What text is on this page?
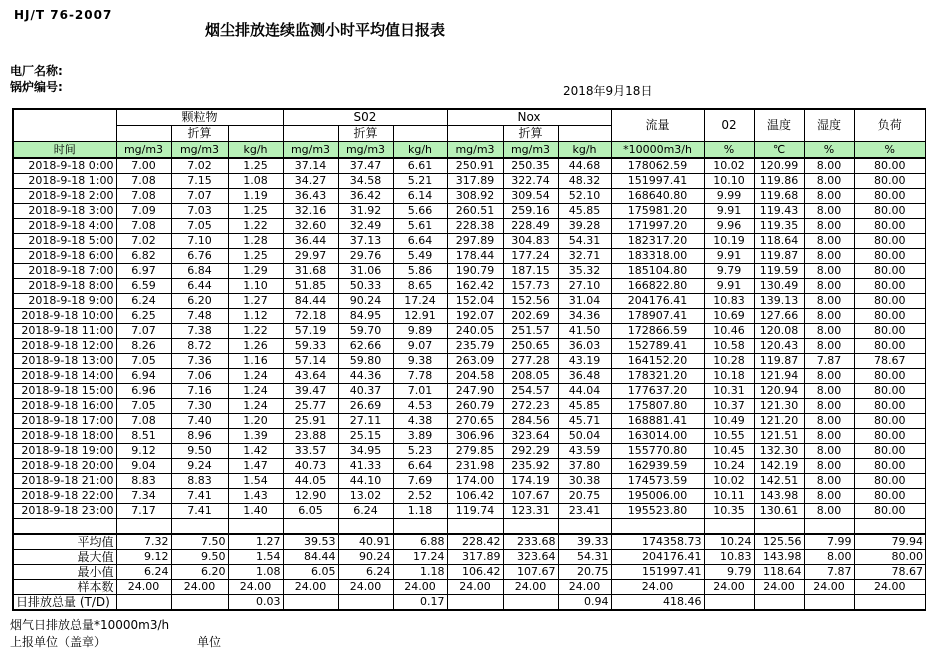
HJ/T 76-2007
烟尘排放连续监测小时平均值日报表
电厂名称:
锅炉编号:	2018年9月18日
	颗粒物			S02			Nox			流量	02	温度	湿度	负荷
		折算			折算			折算						
时间	mg/m3	mg/m3	kg/h	mg/m3	mg/m3	kg/h	mg/m3	mg/m3	kg/h	*10000m3/h	%	℃	%	%
2018-9-18 0:00	7.00	7.02	1.25	37.14	37.47	6.61	250.91	250.35	44.68	178062.59	10.02	120.99	8.00	80.00
2018-9-18 1:00	7.08	7.15	1.08	34.27	34.58	5.21	317.89	322.74	48.32	151997.41	10.10	119.86	8.00	80.00
2018-9-18 2:00	7.08	7.07	1.19	36.43	36.42	6.14	308.92	309.54	52.10	168640.80	9.99	119.68	8.00	80.00
2018-9-18 3:00	7.09	7.03	1.25	32.16	31.92	5.66	260.51	259.16	45.85	175981.20	9.91	119.43	8.00	80.00
2018-9-18 4:00	7.08	7.05	1.22	32.60	32.49	5.61	228.38	228.49	39.28	171997.20	9.96	119.35	8.00	80.00
2018-9-18 5:00	7.02	7.10	1.28	36.44	37.13	6.64	297.89	304.83	54.31	182317.20	10.19	118.64	8.00	80.00
2018-9-18 6:00	6.82	6.76	1.25	29.97	29.76	5.49	178.44	177.24	32.71	183318.00	9.91	119.87	8.00	80.00
2018-9-18 7:00	6.97	6.84	1.29	31.68	31.06	5.86	190.79	187.15	35.32	185104.80	9.79	119.59	8.00	80.00
2018-9-18 8:00	6.59	6.44	1.10	51.85	50.33	8.65	162.42	157.73	27.10	166822.80	9.91	130.49	8.00	80.00
2018-9-18 9:00	6.24	6.20	1.27	84.44	90.24	17.24	152.04	152.56	31.04	204176.41	10.83	139.13	8.00	80.00
2018-9-18 10:00	6.25	7.48	1.12	72.18	84.95	12.91	192.07	202.69	34.36	178907.41	10.69	127.66	8.00	80.00
2018-9-18 11:00	7.07	7.38	1.22	57.19	59.70	9.89	240.05	251.57	41.50	172866.59	10.46	120.08	8.00	80.00
2018-9-18 12:00	8.26	8.72	1.26	59.33	62.66	9.07	235.79	250.65	36.03	152789.41	10.58	120.43	8.00	80.00
2018-9-18 13:00	7.05	7.36	1.16	57.14	59.80	9.38	263.09	277.28	43.19	164152.20	10.28	119.87	7.87	78.67
2018-9-18 14:00	6.94	7.06	1.24	43.64	44.36	7.78	204.58	208.05	36.48	178321.20	10.18	121.94	8.00	80.00
2018-9-18 15:00	6.96	7.16	1.24	39.47	40.37	7.01	247.90	254.57	44.04	177637.20	10.31	120.94	8.00	80.00
2018-9-18 16:00	7.05	7.30	1.24	25.77	26.69	4.53	260.79	272.23	45.85	175807.80	10.37	121.30	8.00	80.00
2018-9-18 17:00	7.08	7.40	1.20	25.91	27.11	4.38	270.65	284.56	45.71	168881.41	10.49	121.20	8.00	80.00
2018-9-18 18:00	8.51	8.96	1.39	23.88	25.15	3.89	306.96	323.64	50.04	163014.00	10.55	121.51	8.00	80.00
2018-9-18 19:00	9.12	9.50	1.42	33.57	34.95	5.23	279.85	292.29	43.59	155770.80	10.45	132.30	8.00	80.00
2018-9-18 20:00	9.04	9.24	1.47	40.73	41.33	6.64	231.98	235.92	37.80	162939.59	10.24	142.19	8.00	80.00
2018-9-18 21:00	8.83	8.83	1.54	44.05	44.10	7.69	174.00	174.19	30.38	174573.59	10.02	142.51	8.00	80.00
2018-9-18 22:00	7.34	7.41	1.43	12.90	13.02	2.52	106.42	107.67	20.75	195006.00	10.11	143.98	8.00	80.00
2018-9-18 23:00	7.17	7.41	1.40	6.05	6.24	1.18	119.74	123.31	23.41	195523.80	10.35	130.61	8.00	80.00

平均值	7.32	7.50	1.27	39.53	40.91	6.88	228.42	233.68	39.33	174358.73	10.24	125.56	7.99	79.94
最大值	9.12	9.50	1.54	84.44	90.24	17.24	317.89	323.64	54.31	204176.41	10.83	143.98	8.00	80.00
最小值	6.24	6.20	1.08	6.05	6.24	1.18	106.42	107.67	20.75	151997.41	9.79	118.64	7.87	78.67
样本数	24.00	24.00	24.00	24.00	24.00	24.00	24.00	24.00	24.00	24.00	24.00	24.00	24.00	24.00
日排放总量 (T/D)			0.03			0.17			0.94	418.46				
烟气日排放总量*10000m3/h
上报单位（盖章）	单位
